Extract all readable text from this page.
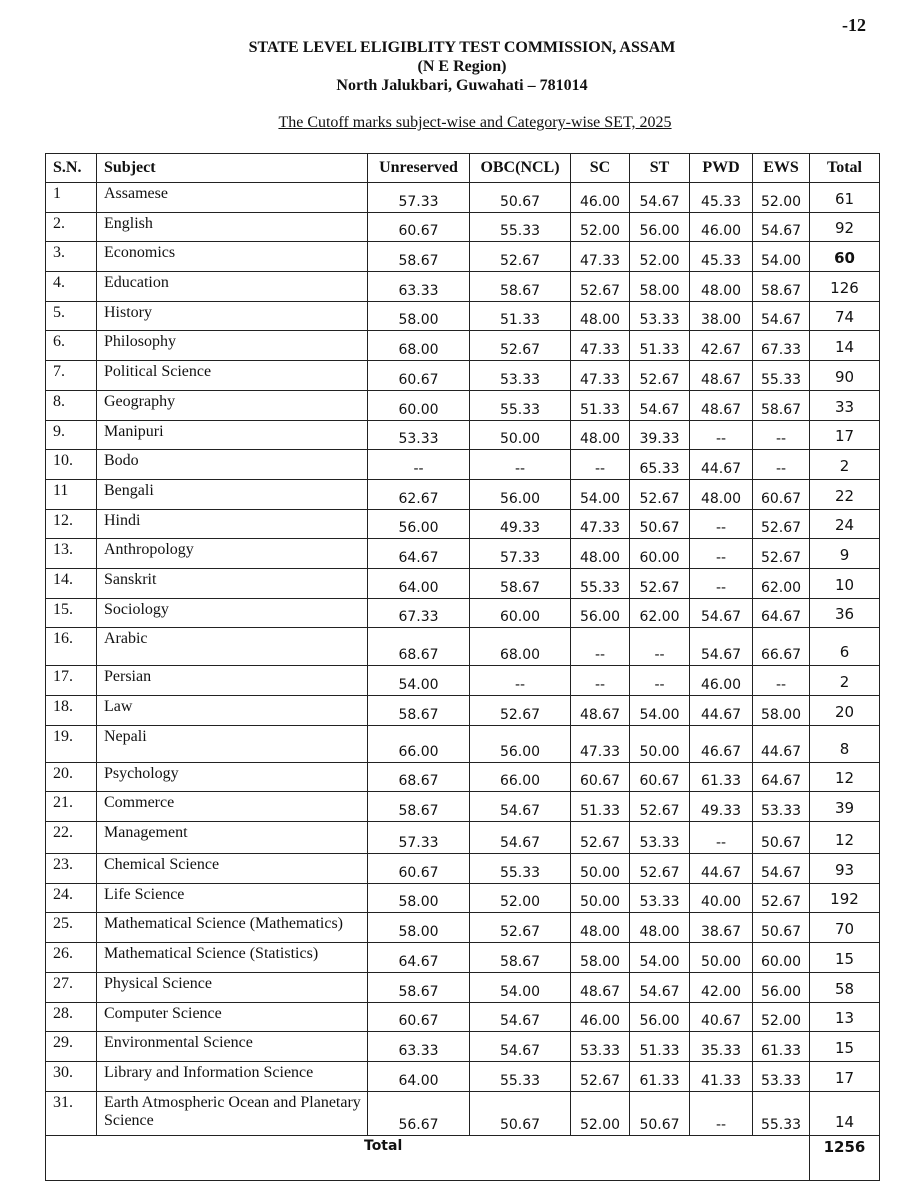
-12
STATE LEVEL ELIGIBLITY TEST COMMISSION, ASSAM
(N E Region)
North Jalukbari, Guwahati – 781014
The Cutoff marks subject-wise and Category-wise SET, 2025
S.N.	Subject	Unreserved	OBC(NCL)	SC	ST	PWD	EWS	Total
1	Assamese	57.33	50.67	46.00	54.67	45.33	52.00	61
2.	English	60.67	55.33	52.00	56.00	46.00	54.67	92
3.	Economics	58.67	52.67	47.33	52.00	45.33	54.00	60
4.	Education	63.33	58.67	52.67	58.00	48.00	58.67	126
5.	History	58.00	51.33	48.00	53.33	38.00	54.67	74
6.	Philosophy	68.00	52.67	47.33	51.33	42.67	67.33	14
7.	Political Science	60.67	53.33	47.33	52.67	48.67	55.33	90
8.	Geography	60.00	55.33	51.33	54.67	48.67	58.67	33
9.	Manipuri	53.33	50.00	48.00	39.33	--	--	17
10.	Bodo	--	--	--	65.33	44.67	--	2
11	Bengali	62.67	56.00	54.00	52.67	48.00	60.67	22
12.	Hindi	56.00	49.33	47.33	50.67	--	52.67	24
13.	Anthropology	64.67	57.33	48.00	60.00	--	52.67	9
14.	Sanskrit	64.00	58.67	55.33	52.67	--	62.00	10
15.	Sociology	67.33	60.00	56.00	62.00	54.67	64.67	36
16.	Arabic	68.67	68.00	--	--	54.67	66.67	6
17.	Persian	54.00	--	--	--	46.00	--	2
18.	Law	58.67	52.67	48.67	54.00	44.67	58.00	20
19.	Nepali	66.00	56.00	47.33	50.00	46.67	44.67	8
20.	Psychology	68.67	66.00	60.67	60.67	61.33	64.67	12
21.	Commerce	58.67	54.67	51.33	52.67	49.33	53.33	39
22.	Management	57.33	54.67	52.67	53.33	--	50.67	12
23.	Chemical Science	60.67	55.33	50.00	52.67	44.67	54.67	93
24.	Life Science	58.00	52.00	50.00	53.33	40.00	52.67	192
25.	Mathematical Science (Mathematics)	58.00	52.67	48.00	48.00	38.67	50.67	70
26.	Mathematical Science (Statistics)	64.67	58.67	58.00	54.00	50.00	60.00	15
27.	Physical Science	58.67	54.00	48.67	54.67	42.00	56.00	58
28.	Computer Science	60.67	54.67	46.00	56.00	40.67	52.00	13
29.	Environmental Science	63.33	54.67	53.33	51.33	35.33	61.33	15
30.	Library and Information Science	64.00	55.33	52.67	61.33	41.33	53.33	17
31.	Earth Atmospheric Ocean and Planetary Science	56.67	50.67	52.00	50.67	--	55.33	14
Total								1256
